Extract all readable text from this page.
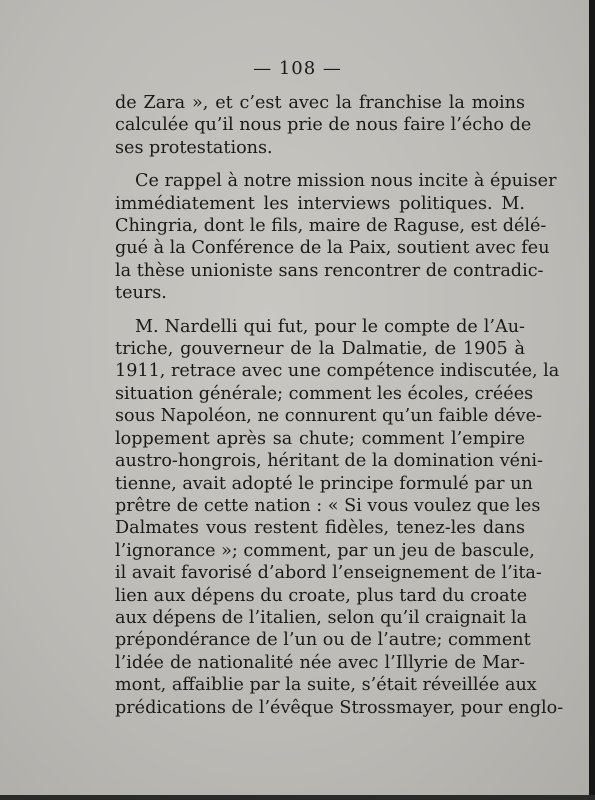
— 108 —
de Zara », et c’est avec la franchise la moins
calculée qu’il nous prie de nous faire l’écho de
ses protestations.
Ce rappel à notre mission nous incite à épuiser
immédiatement les interviews politiques. M.
Chingria, dont le fils, maire de Raguse, est délé-
gué à la Conférence de la Paix, soutient avec feu
la thèse unioniste sans rencontrer de contradic-
teurs.
M. Nardelli qui fut, pour le compte de l’Au-
triche, gouverneur de la Dalmatie, de 1905 à
1911, retrace avec une compétence indiscutée, la
situation générale; comment les écoles, créées
sous Napoléon, ne connurent qu’un faible déve-
loppement après sa chute; comment l’empire
austro-hongrois, héritant de la domination véni-
tienne, avait adopté le principe formulé par un
prêtre de cette nation : « Si vous voulez que les
Dalmates vous restent fidèles, tenez-les dans
l’ignorance »; comment, par un jeu de bascule,
il avait favorisé d’abord l’enseignement de l’ita-
lien aux dépens du croate, plus tard du croate
aux dépens de l’italien, selon qu’il craignait la
prépondérance de l’un ou de l’autre; comment
l’idée de nationalité née avec l’Illyrie de Mar-
mont, affaiblie par la suite, s’était réveillée aux
prédications de l’évêque Strossmayer, pour englo-
